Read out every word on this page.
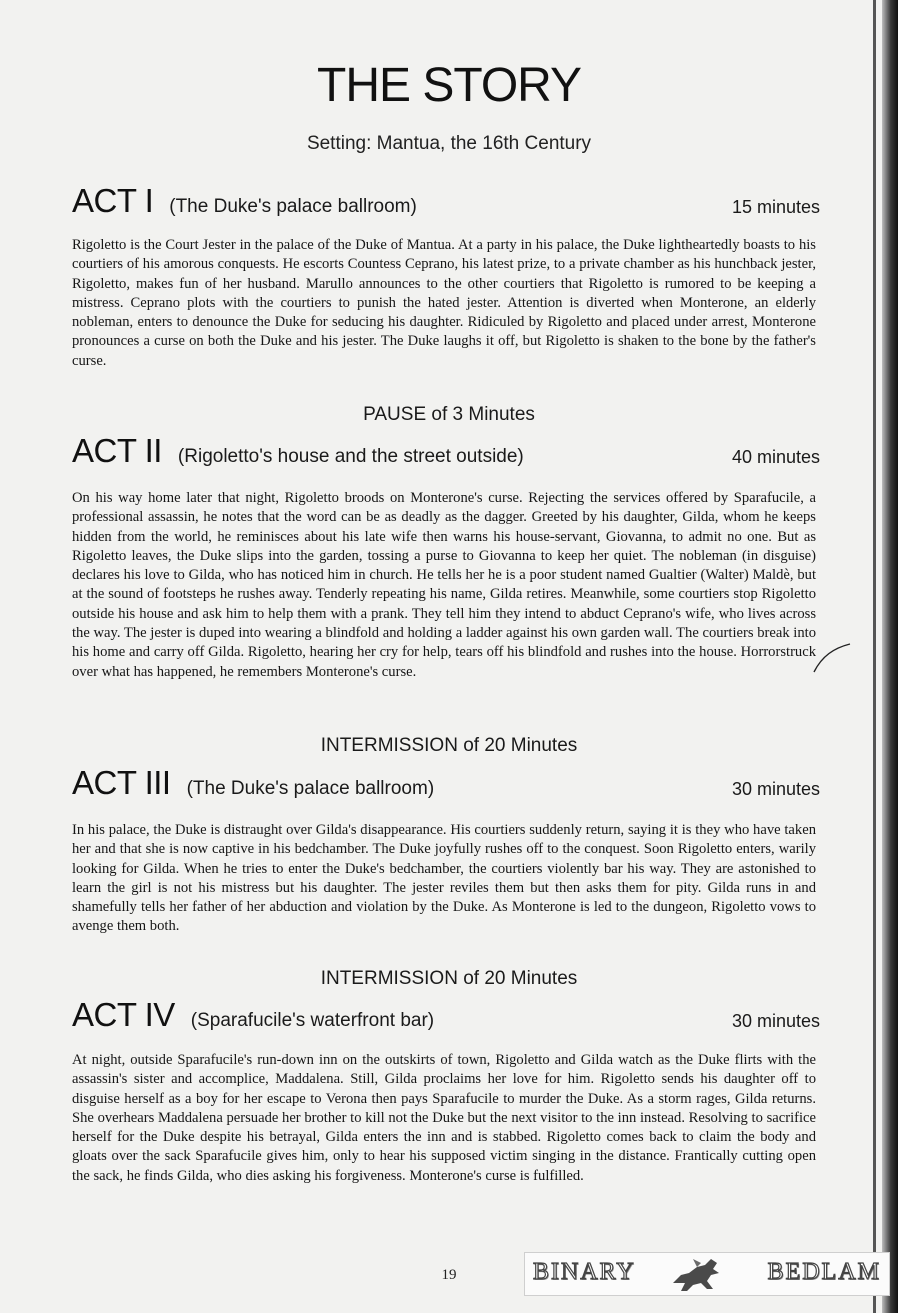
THE STORY
Setting: Mantua, the 16th Century
ACT I (The Duke's palace ballroom)	15 minutes

Rigoletto is the Court Jester in the palace of the Duke of Mantua. At a party in his palace, the Duke lightheartedly boasts to his courtiers of his amorous conquests. He escorts Countess Ceprano, his latest prize, to a private chamber as his hunchback jester, Rigoletto, makes fun of her husband. Marullo announces to the other courtiers that Rigoletto is rumored to be keeping a mistress. Ceprano plots with the courtiers to punish the hated jester. Attention is diverted when Monterone, an elderly nobleman, enters to denounce the Duke for seducing his daughter. Ridiculed by Rigoletto and placed under arrest, Monterone pronounces a curse on both the Duke and his jester. The Duke laughs it off, but Rigoletto is shaken to the bone by the father's curse.

PAUSE of 3 Minutes
ACT II (Rigoletto's house and the street outside)	40 minutes

On his way home later that night, Rigoletto broods on Monterone's curse. Rejecting the services offered by Sparafucile, a professional assassin, he notes that the word can be as deadly as the dagger. Greeted by his daughter, Gilda, whom he keeps hidden from the world, he reminisces about his late wife then warns his house-servant, Giovanna, to admit no one. But as Rigoletto leaves, the Duke slips into the garden, tossing a purse to Giovanna to keep her quiet. The nobleman (in disguise) declares his love to Gilda, who has noticed him in church. He tells her he is a poor student named Gualtier (Walter) Maldè, but at the sound of footsteps he rushes away. Tenderly repeating his name, Gilda retires. Meanwhile, some courtiers stop Rigoletto outside his house and ask him to help them with a prank. They tell him they intend to abduct Ceprano's wife, who lives across the way. The jester is duped into wearing a blindfold and holding a ladder against his own garden wall. The courtiers break into his home and carry off Gilda. Rigoletto, hearing her cry for help, tears off his blindfold and rushes into the house. Horrorstruck over what has happened, he remembers Monterone's curse.

INTERMISSION of 20 Minutes
ACT III (The Duke's palace ballroom)	30 minutes

In his palace, the Duke is distraught over Gilda's disappearance. His courtiers suddenly return, saying it is they who have taken her and that she is now captive in his bedchamber. The Duke joyfully rushes off to the conquest. Soon Rigoletto enters, warily looking for Gilda. When he tries to enter the Duke's bedchamber, the courtiers violently bar his way. They are astonished to learn the girl is not his mistress but his daughter. The jester reviles them but then asks them for pity. Gilda runs in and shamefully tells her father of her abduction and violation by the Duke. As Monterone is led to the dungeon, Rigoletto vows to avenge them both.

INTERMISSION of 20 Minutes
ACT IV (Sparafucile's waterfront bar)	30 minutes

At night, outside Sparafucile's run-down inn on the outskirts of town, Rigoletto and Gilda watch as the Duke flirts with the assassin's sister and accomplice, Maddalena. Still, Gilda proclaims her love for him. Rigoletto sends his daughter off to disguise herself as a boy for her escape to Verona then pays Sparafucile to murder the Duke. As a storm rages, Gilda returns. She overhears Maddalena persuade her brother to kill not the Duke but the next visitor to the inn instead. Resolving to sacrifice herself for the Duke despite his betrayal, Gilda enters the inn and is stabbed. Rigoletto comes back to claim the body and gloats over the sack Sparafucile gives him, only to hear his supposed victim singing in the distance. Frantically cutting open the sack, he finds Gilda, who dies asking his forgiveness. Monterone's curse is fulfilled.

19	BINARY	BEDLAM
